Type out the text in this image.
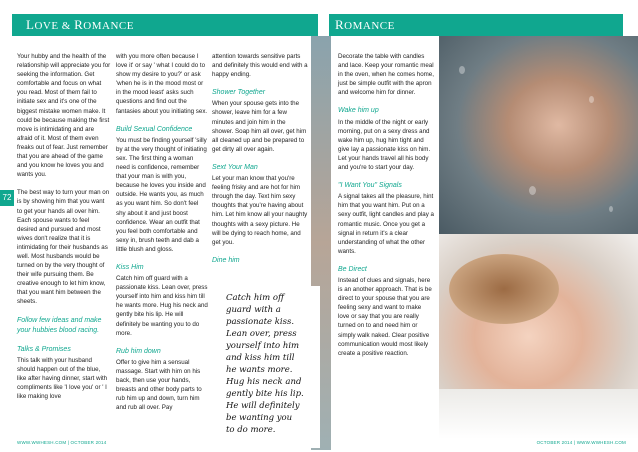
LOVE & ROMANCE	ROMANCE
72

Your hubby and the health of the relationship will appreciate you for seeking the information. Get comfortable and focus on what you read. Most of them fail to initiate sex and it's one of the biggest mistake women make. It could be because making the first move is intimidating and are afraid of it. Most of them even freaks out of fear. Just remember that you are ahead of the game and you know he loves you and wants you.

The best way to turn your man on is by showing him that you want to get your hands all over him. Each spouse wants to feel desired and pursued and most wives don't realize that it is intimidating for their husbands as well. Most husbands would be turned on by the very thought of their wife pursuing them. Be creative enough to let him know, that you want him between the sheets.

Follow few ideas and make your hubbies blood racing.

Talks & Promises

This talk with your husband should happen out of the blue, like after having dinner, start with compliments like 'I love you' or ' I like making love

with you more often because I love it' or say ' what I could do to show my desire to you?' or ask 'when he is in the mood most or in the mood least' asks such questions and find out the fantasies about you initiating sex.

Build Sexual Confidence

You must be finding yourself 'silly by at the very thought of initiating sex. The first thing a woman need is confidence, remember that your man is with you, because he loves you inside and outside. He wants you, as much as you want him. So don't feel shy about it and just boost confidence. Wear an outfit that you feel both comfortable and sexy in, brush teeth and dab a little blush and gloss.

Kiss Him

Catch him off guard with a passionate kiss. Lean over, press yourself into him and kiss him till he wants more. Hug his neck and gently bite his lip. He will definitely be wanting you to do more.

Rub him down

Offer to give him a sensual massage. Start with him on his back, then use your hands, breasts and other body parts to rub him up and down, turn him and rub all over. Pay

attention towards sensitive parts and definitely this would end with a happy ending.

Shower Together

When your spouse gets into the shower, leave him for a few minutes and join him in the shower. Soap him all over, get him all cleaned up and be prepared to get dirty all over again.

Sext Your Man

Let your man know that you're feeling frisky and are hot for him through the day. Text him sexy thoughts that you're having about him. Let him know all your naughty thoughts with a sexy picture. He will be dying to reach home, and get you.

Dine him
Catch him off
guard with a
passionate kiss.
Lean over, press
yourself into him
and kiss him till
he wants more.
Hug his neck and
gently bite his lip.
He will definitely
be wanting you
to do more.

Decorate the table with candles and lace. Keep your romantic meal in the oven, when he comes home, just be simple outfit with the apron and welcome him for dinner.

Wake him up

In the middle of the night or early morning, put on a sexy dress and wake him up, hug him tight and give lay a passionate kiss on him. Let your hands travel all his body and you're to start your day.

"I Want You" Signals

A signal takes all the pleasure, hint him that you want him. Put on a sexy outfit, light candles and play a romantic music. Once you get a signal in return it's a clear understanding of what the other wants.

Be Direct

Instead of clues and signals, here is an another approach. That is be direct to your spouse that you are feeling sexy and want to make love or say that you are really turned on to and need him or simply walk naked. Clear positive communication would most likely create a positive reaction.

WWW.WWHESH.COM | OCTOBER 2014	OCTOBER 2014 | WWW.WWHESH.COM
